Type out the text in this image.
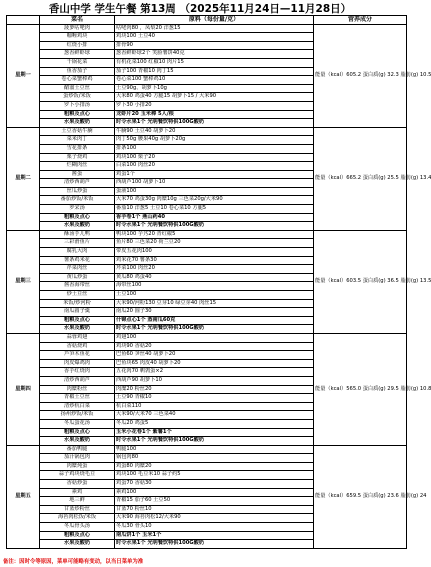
香山中学 学生午餐 第13周 （2025年11月24日—11月28日）
	菜名	原料（每份量/克）	营养成分
星期一	菠萝咕咾肉	咕咾肉80 ，凤梨20 洋葱15	能量（kcal）605.2 蛋白质(g) 32.3 脂肪(g) 10.5
	咖喱鸡块	鸡块100 土豆40	
	红烧小排	排骨90	
	葱香鲜虾球	葱香鲜虾球2个 笑脸薯饼40克	
	千锅花菜	有机花菜100 红椒10 肉片15	
	鱼香茄子	茄子100 青椒10 肉丁15	
	卷心菜蟹棒鸡	卷心菜100 蟹棒鸡10	
	醋溜土豆丝	土豆90g、胡萝卜10g	
	蛋炒饭/米饭	大米80 鸡蛋40 方腿15 胡萝卜15 / 大米90	
	罗卜小排汤	罗卜30 小排20	
	粗粮及点心	龙虾片20 玉米棒 5人/根	
	水果及酸奶	时令水果1个 光明餐饮特供100G酸奶	
星期二	土豆香菇牛腩	牛腩90 土豆40 胡萝卜20	能量（kcal）665.2 蛋白质(g) 25.5 脂肪(g) 13.4
	菜米肉丁	肉丁50g 腰果40g 胡萝卜20g	
	雪花排条	排条100	
	栗子烧鸡	鸡块100 栗子20	
	烂糊肉丝	白菜100 肉丝20	
	酱蛋	鸡蛋1个	
	清炒西葫芦	西葫芦100 胡萝卜10	
	丝瓜炒蛋	蛋液100	
	番茄炒饭/米饭	大米70 鸡蛋30g 肉糜10g 三色菜20g/大米90	
	罗宋汤	番茄10 洋葱5 土豆10 卷心菜10 方腿5	
	粗粮及点心	香芋卷1个 燕山药40	
	水果及酸奶	时令水果1个 光明餐饮特供100G酸奶	
星期三	酥汤芋儿鸭	鸭块100 芋艿20 青红椒5	能量（kcal）603.5 蛋白质(g) 36.5 脂肪(g) 13.5
	三彩滑鱼片	鱼片80 三色菜20 荷兰豆20	
	腐乳大肉	带皮五花肉100	
	薯条鸡米花	鸡米花70 薯条30	
	芹菜肉丝	芹菜100 肉丝20	
	黄瓜炒蛋	黄瓜80 鸡蛋40	
	酱香海带丝	海带丝100	
	炒土豆丝	土豆100	
	米饭/炒河粉	大米90/河粉130 豆芽10 绿豆芽40 肉丝15	
	南瓜圆子羹	南瓜20 圆子30	
	粗粮及点心	什锦点心1个 蒸南瓜60克	
	水果及酸奶	时令水果1个 光明餐饮特供100G酸奶	
星期四	蒜蓉鸡翅	鸡翅100	能量（kcal）565.0 蛋白质(g) 29.5 脂肪(g) 10.8
	香菇烧鸡	鸡块90 香菇20	
	芦笋木鱼花	巴鱼60 笋丝40 胡萝卜20	
	肉皮爆鸡肉	巴鱼块65 肉皮40 胡萝卜20	
	香芋红烧肉	五花肉70 鹌鹑蛋×2	
	清炒西葫芦	西葫芦90 胡萝卜10	
	肉糜粉丝	肉糜20 粉丝20	
	青椒土豆丝	土豆90 青椒10	
	清炒杭白菜	杭白菜110	
	扬州炒饭/米饭	大米90/大米70 三色菜40	
	冬瓜蛋花汤	冬瓜20 鸡蛋5	
	粗粮及点心	玉米小花卷1个 紫薯1个	
	水果及酸奶	时令水果1个 光明餐饮特供100G酸奶	
星期五	番茄鸭腿	鸭腿100	能量（kcal）659.5 蛋白质(g) 23.6 脂肪(g) 24
	茄汁锅包肉	锅包肉80	
	肉糜炖蛋	鸡蛋80 肉糜20	
	蒜子鸡块烧毛豆	鸡块100 毛豆米10 蒜子约5	
	香菇炒蛋	鸡蛋70 香菇30	
	素鸡	素鸡100	
	地三鲜	青椒15 茄子60 土豆50	
	甘蓝炒粉丝	甘蓝70 粉丝10	
	海苔肉松饭/米饭	大米90 海苔肉松12/大米90	
	冬瓜骨头汤	冬瓜30 骨头10	
	粗粮及点心	南瓜饼1个 玉米1个	
	水果及酸奶	时令水果1个 光明餐饮特供100G酸奶	
备注：因时令等原因，菜单可能略有变动，以当日菜单为准
